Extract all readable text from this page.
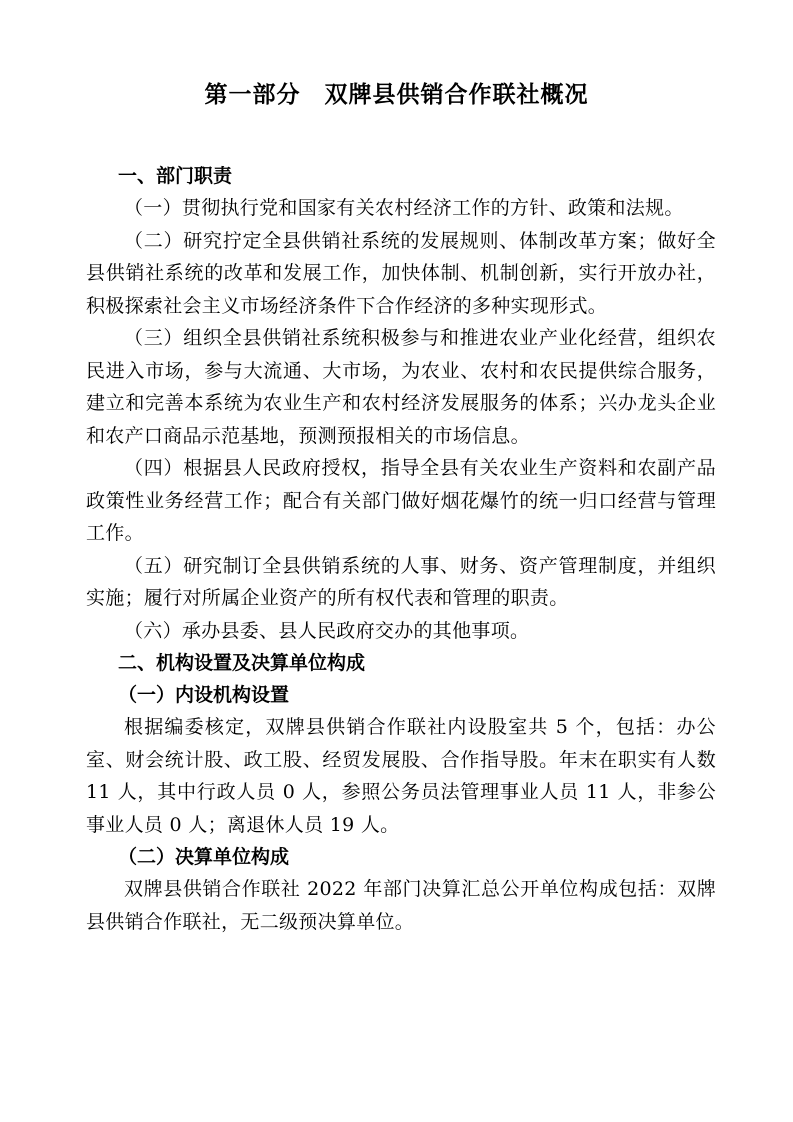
第一部分　双牌县供销合作联社概况
一、部门职责

（一）贯彻执行党和国家有关农村经济工作的方针、政策和法规。

（二）研究拧定全县供销社系统的发展规则、体制改革方案；做好全县供销社系统的改革和发展工作，加快体制、机制创新，实行开放办社，积极探索社会主义市场经济条件下合作经济的多种实现形式。

（三）组织全县供销社系统积极参与和推进农业产业化经营，组织农民进入市场，参与大流通、大市场，为农业、农村和农民提供综合服务，建立和完善本系统为农业生产和农村经济发展服务的体系；兴办龙头企业和农产口商品示范基地，预测预报相关的市场信息。

（四）根据县人民政府授权，指导全县有关农业生产资料和农副产品政策性业务经营工作；配合有关部门做好烟花爆竹的统一归口经营与管理工作。

（五）研究制订全县供销系统的人事、财务、资产管理制度，并组织实施；履行对所属企业资产的所有权代表和管理的职责。

（六）承办县委、县人民政府交办的其他事项。

二、机构设置及决算单位构成
（一）内设机构设置

根据编委核定，双牌县供销合作联社内设股室共 5 个，包括：办公室、财会统计股、政工股、经贸发展股、合作指导股。年末在职实有人数 11 人，其中行政人员 0 人，参照公务员法管理事业人员 11 人，非参公事业人员 0 人；离退休人员 19 人。

（二）决算单位构成

双牌县供销合作联社 2022 年部门决算汇总公开单位构成包括：双牌县供销合作联社，无二级预决算单位。
